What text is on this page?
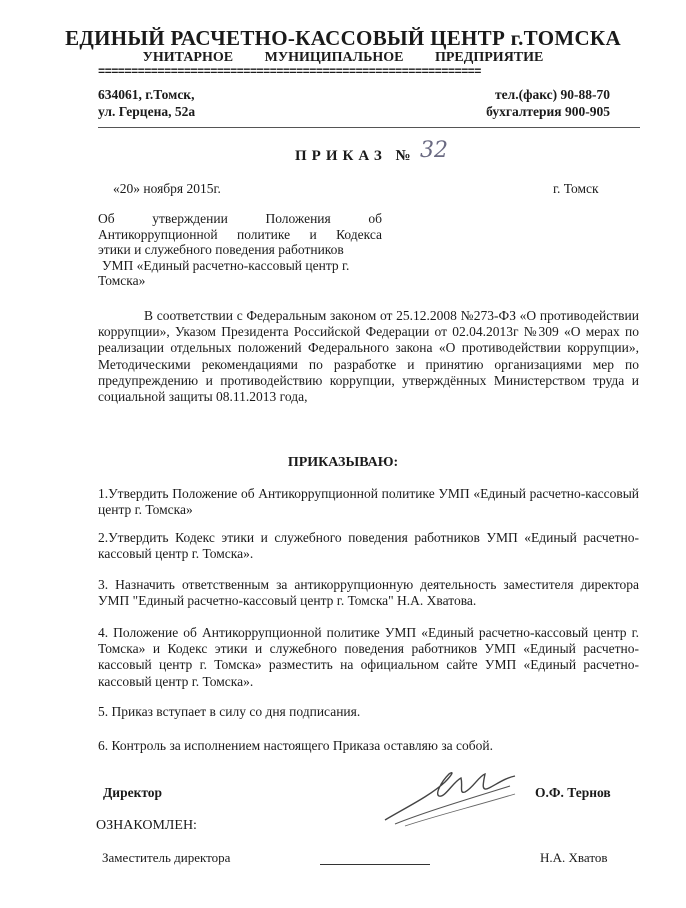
ЕДИНЫЙ РАСЧЕТНО-КАССОВЫЙ ЦЕНТР г.ТОМСКА
УНИТАРНОЕ МУНИЦИПАЛЬНОЕ ПРЕДПРИЯТИЕ
==========================================================
634061, г.Томск,
ул. Герцена, 52а
тел.(факс) 90-88-70
бухгалтерия 900-905
ПРИКАЗ № 32
«20» ноября 2015г.	г. Томск
Об утверждении Положения об
Антикоррупционной политике и Кодекса
этики и служебного поведения работников
УМП «Единый расчетно-кассовый центр г.
Томска»
В соответствии с Федеральным законом от 25.12.2008 №273-ФЗ «О противодействии коррупции», Указом Президента Российской Федерации от 02.04.2013г №309 «О мерах по реализации отдельных положений Федерального закона «О противодействии коррупции», Методическими рекомендациями по разработке и принятию организациями мер по предупреждению и противодействию коррупции, утверждённых Министерством труда и социальной защиты 08.11.2013 года,
ПРИКАЗЫВАЮ:
1.Утвердить Положение об Антикоррупционной политике УМП «Единый расчетно-кассовый центр г. Томска»
2.Утвердить Кодекс этики и служебного поведения работников УМП «Единый расчетно-кассовый центр г. Томска».
3. Назначить ответственным за антикоррупционную деятельность заместителя директора УМП "Единый расчетно-кассовый центр г. Томска" Н.А. Хватова.
4. Положение об Антикоррупционной политике УМП «Единый расчетно-кассовый центр г. Томска» и Кодекс этики и служебного поведения работников УМП «Единый расчетно-кассовый центр г. Томска» разместить на официальном сайте УМП «Единый расчетно-кассовый центр г. Томска».
5. Приказ вступает в силу со дня подписания.
6. Контроль за исполнением настоящего Приказа оставляю за собой.
Директор	О.Ф. Тернов
ОЗНАКОМЛЕН:
Заместитель директора	Н.А. Хватов
